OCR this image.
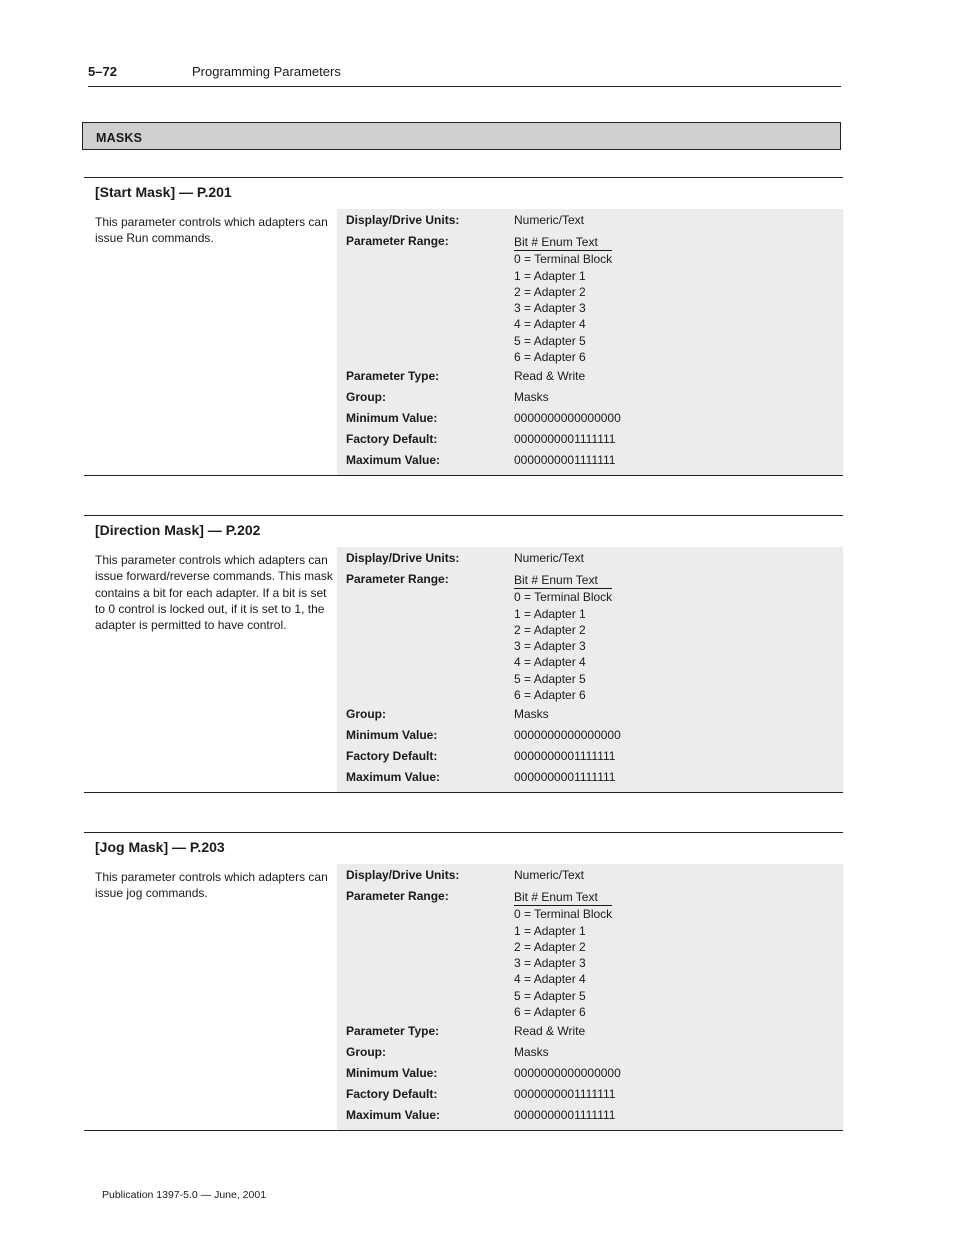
5–72	Programming Parameters
MASKS
[Start Mask] — P.201
This parameter controls which adapters can issue Run commands.
Display/Drive Units:	Numeric/Text
Parameter Range:	Bit # Enum Text
0 = Terminal Block
1 = Adapter 1
2 = Adapter 2
3 = Adapter 3
4 = Adapter 4
5 = Adapter 5
6 = Adapter 6
Parameter Type:	Read & Write
Group:	Masks
Minimum Value:	0000000000000000
Factory Default:	0000000001111111
Maximum Value:	0000000001111111
[Direction Mask] — P.202
This parameter controls which adapters can issue forward/reverse commands. This mask contains a bit for each adapter. If a bit is set to 0 control is locked out, if it is set to 1, the adapter is permitted to have control.
Display/Drive Units:	Numeric/Text
Parameter Range:	Bit # Enum Text
0 = Terminal Block
1 = Adapter 1
2 = Adapter 2
3 = Adapter 3
4 = Adapter 4
5 = Adapter 5
6 = Adapter 6
Group:	Masks
Minimum Value:	0000000000000000
Factory Default:	0000000001111111
Maximum Value:	0000000001111111
[Jog Mask] — P.203
This parameter controls which adapters can issue jog commands.
Display/Drive Units:	Numeric/Text
Parameter Range:	Bit # Enum Text
0 = Terminal Block
1 = Adapter 1
2 = Adapter 2
3 = Adapter 3
4 = Adapter 4
5 = Adapter 5
6 = Adapter 6
Parameter Type:	Read & Write
Group:	Masks
Minimum Value:	0000000000000000
Factory Default:	0000000001111111
Maximum Value:	0000000001111111
Publication 1397-5.0 — June, 2001
